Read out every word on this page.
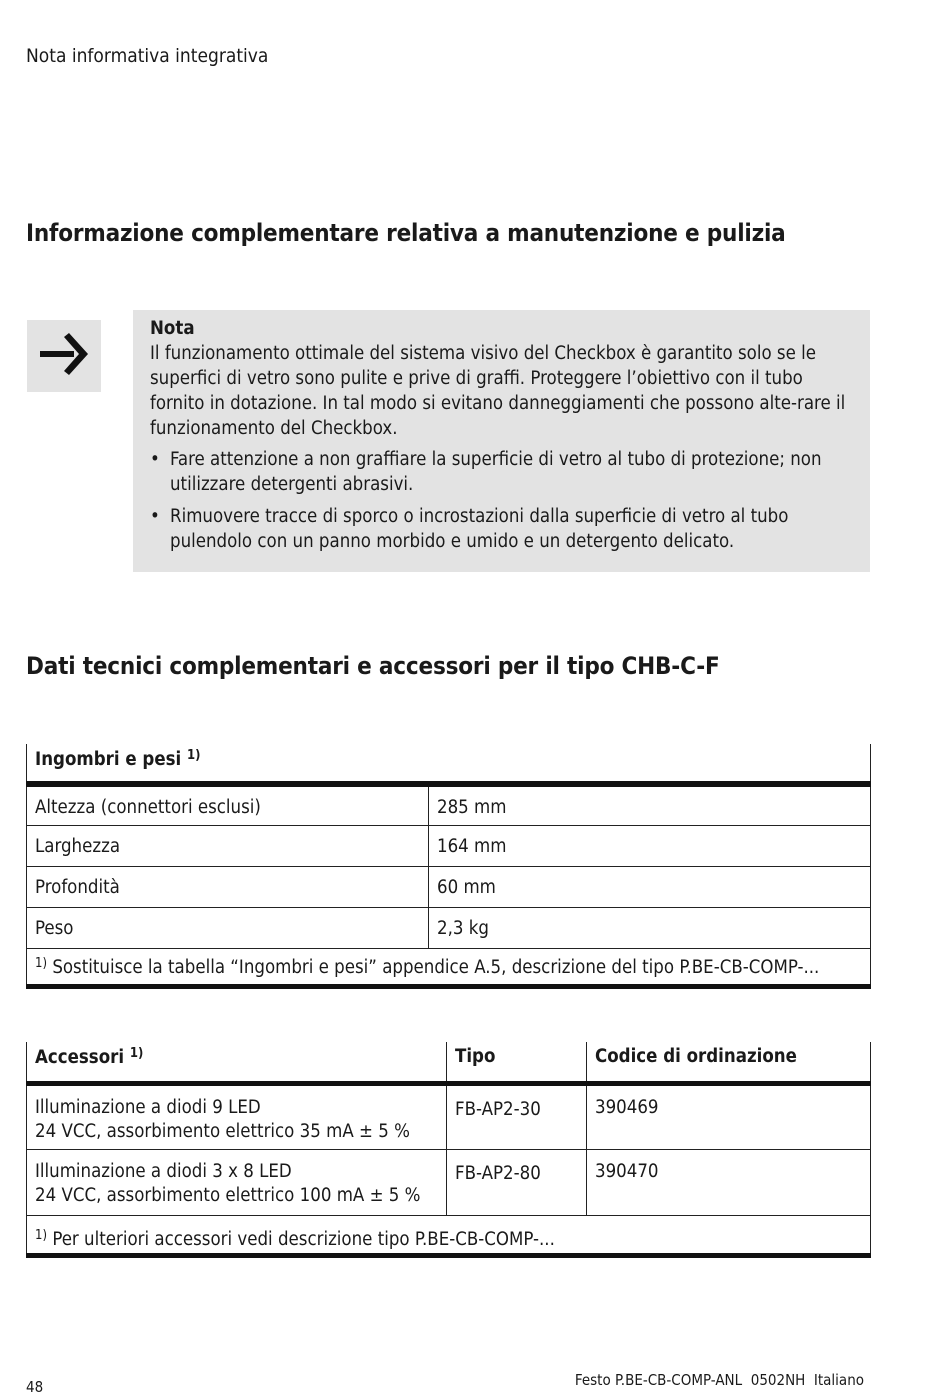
Nota informativa integrativa
Informazione complementare relativa a manutenzione e pulizia
Nota
Il funzionamento ottimale del sistema visivo del Checkbox è garantito solo se le superfici di vetro sono pulite e prive di graffi. Proteggere l’obiettivo con il tubo fornito in dotazione. In tal modo si evitano danneggiamenti che possono alte-rare il funzionamento del Checkbox.
• Fare attenzione a non graffiare la superficie di vetro al tubo di protezione; non utilizzare detergenti abrasivi.
• Rimuovere tracce di sporco o incrostazioni dalla superficie di vetro al tubo pulendolo con un panno morbido e umido e un detergento delicato.
Dati tecnici complementari e accessori per il tipo CHB-C-F
Ingombri e pesi $^{1)}$
Altezza (connettori esclusi)	285 mm
Larghezza	164 mm
Profondità	60 mm
Peso	2,3 kg
$^{1)}$ Sostituisce la tabella “Ingombri e pesi” appendice A.5, descrizione del tipo P.BE-CB-COMP-...	
Accessori $^{1)}$	Tipo	Codice di ordinazione

Illuminazione a diodi 9 LED
24 VCC, assorbimento elettrico 35 mA ± 5 %	FB-AP2-30	390469

Illuminazione a diodi 3 x 8 LED
24 VCC, assorbimento elettrico 100 mA ± 5 %	FB-AP2-80	390470
$^{1)}$ Per ulteriori accessori vedi descrizione tipo P.BE-CB-COMP-...		
48	Festo P.BE-CB-COMP-ANL  0502NH  Italiano
